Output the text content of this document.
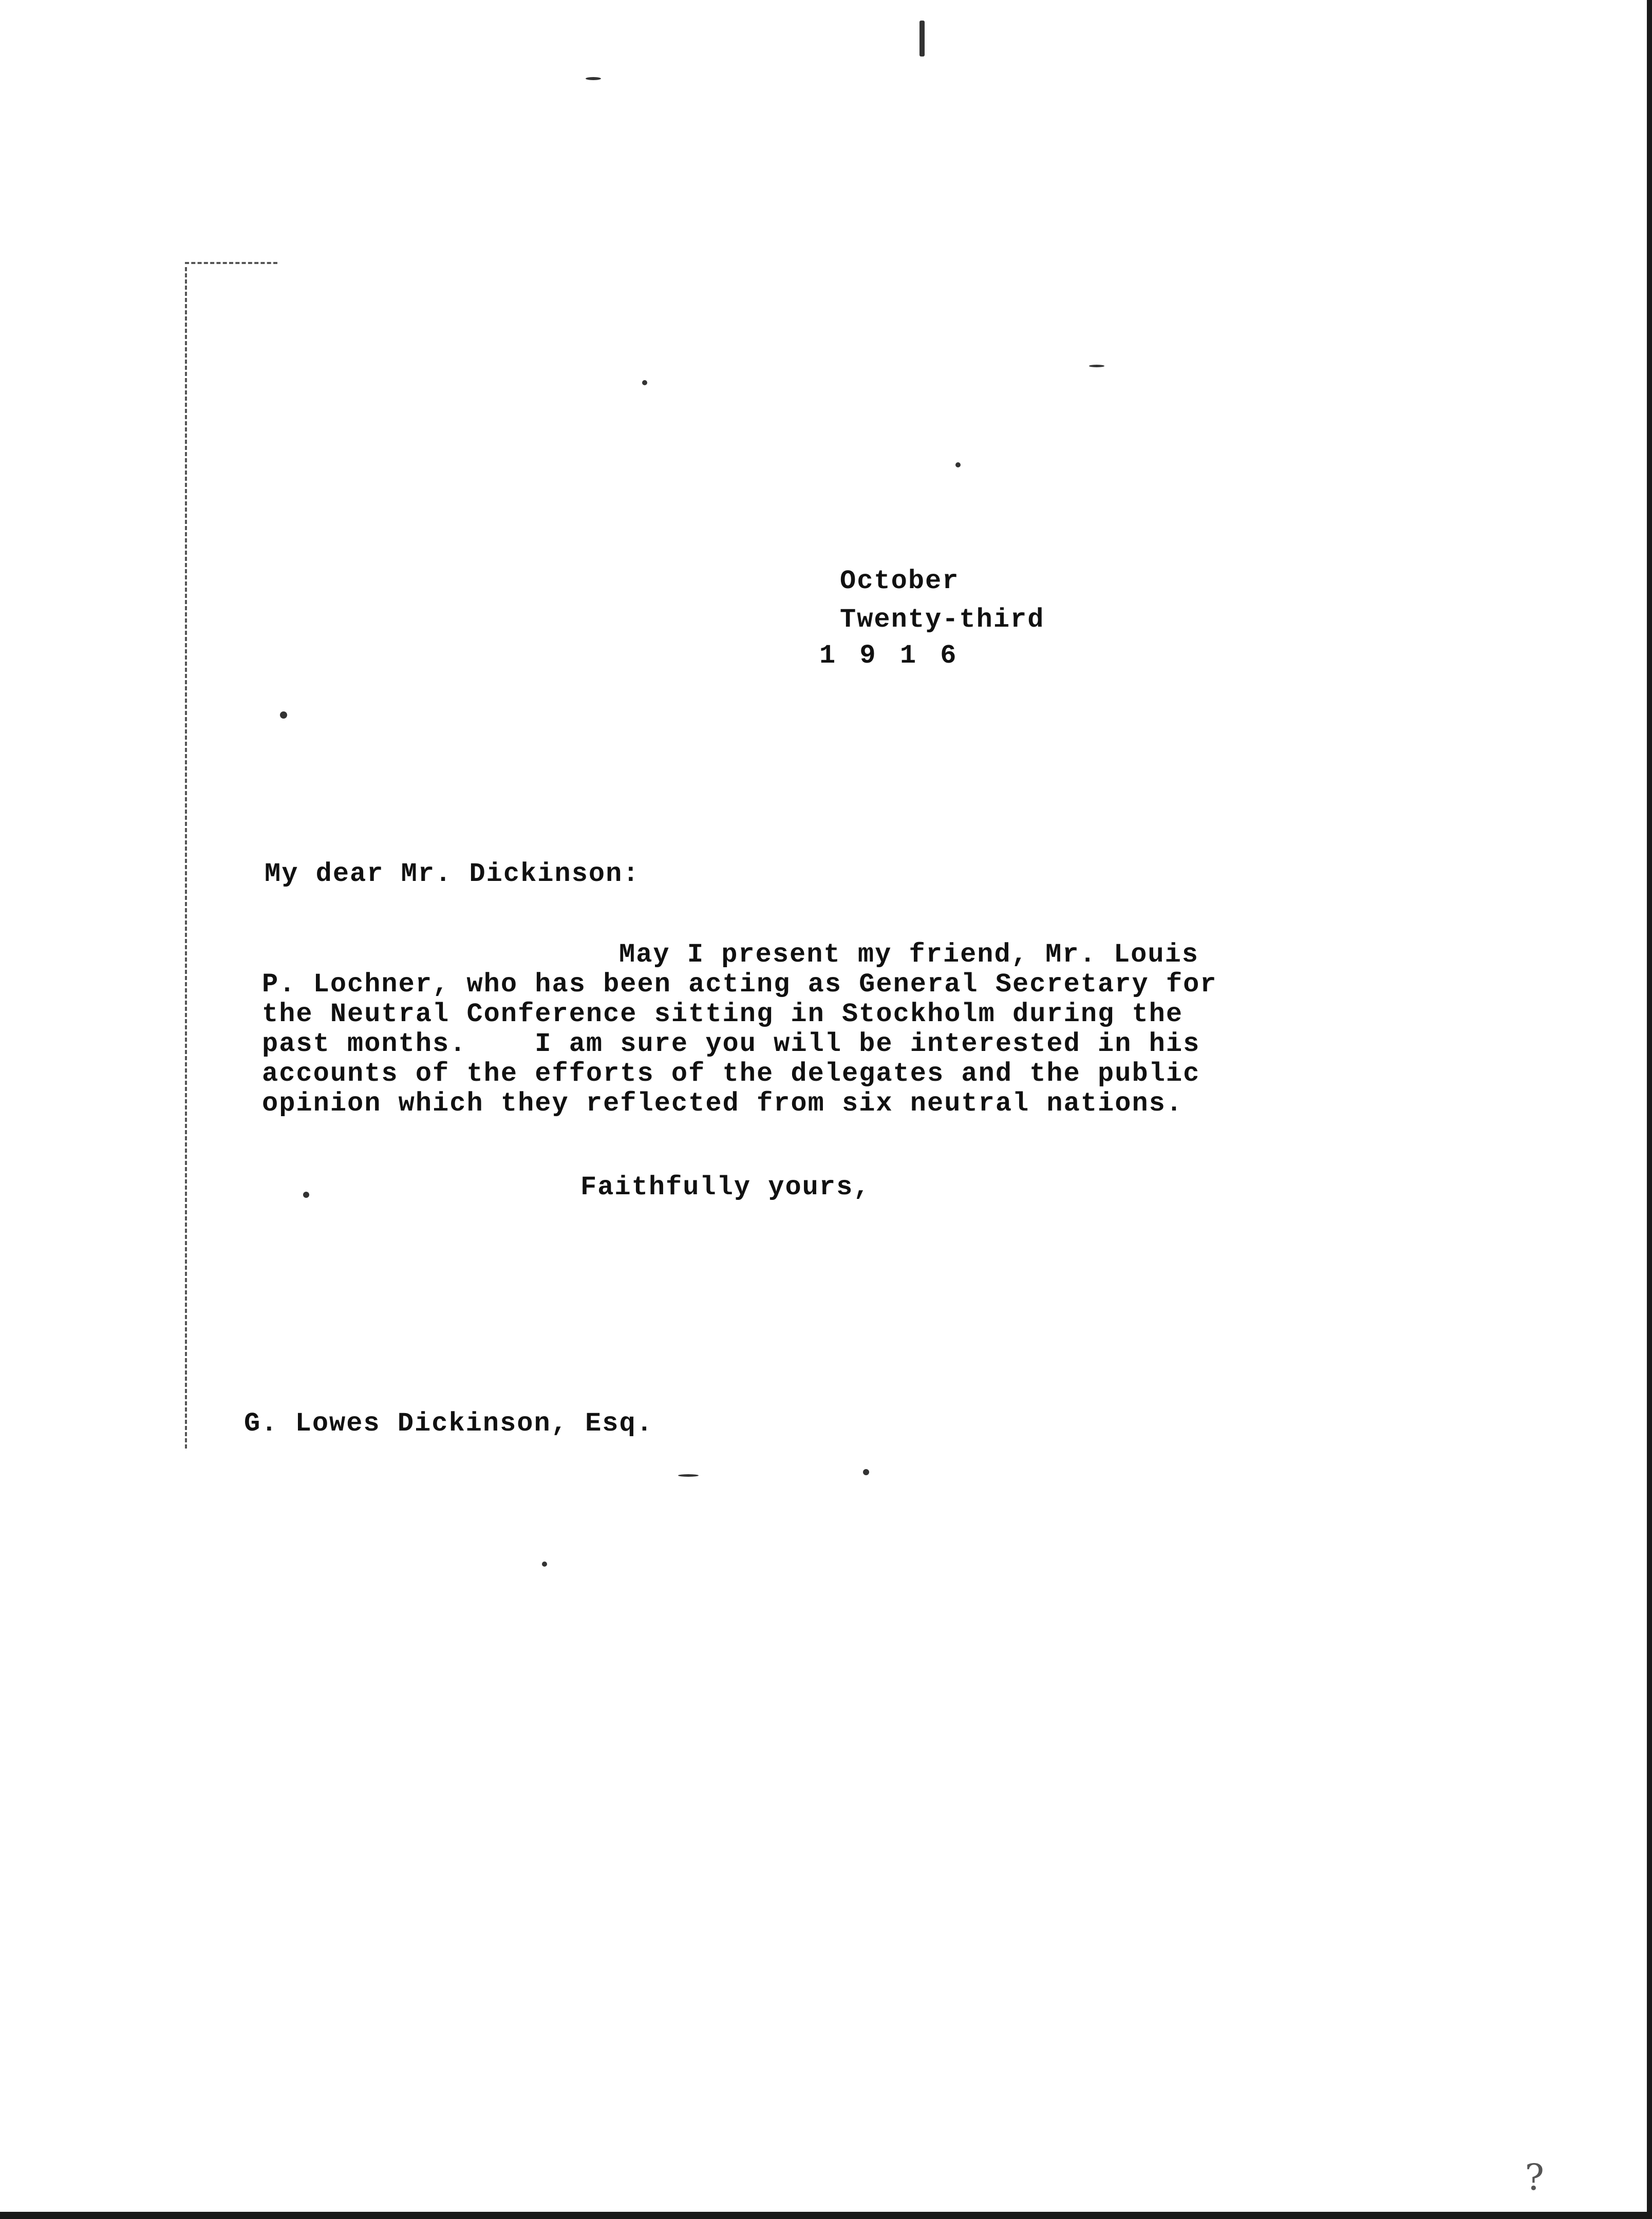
October
Twenty-third
1 9 1 6
My dear Mr. Dickinson:
May I present my friend, Mr. Louis
P. Lochner, who has been acting as General Secretary for
the Neutral Conference sitting in Stockholm during the
past months.    I am sure you will be interested in his
accounts of the efforts of the delegates and the public
opinion which they reflected from six neutral nations.
Faithfully yours,
G. Lowes Dickinson, Esq.
?
